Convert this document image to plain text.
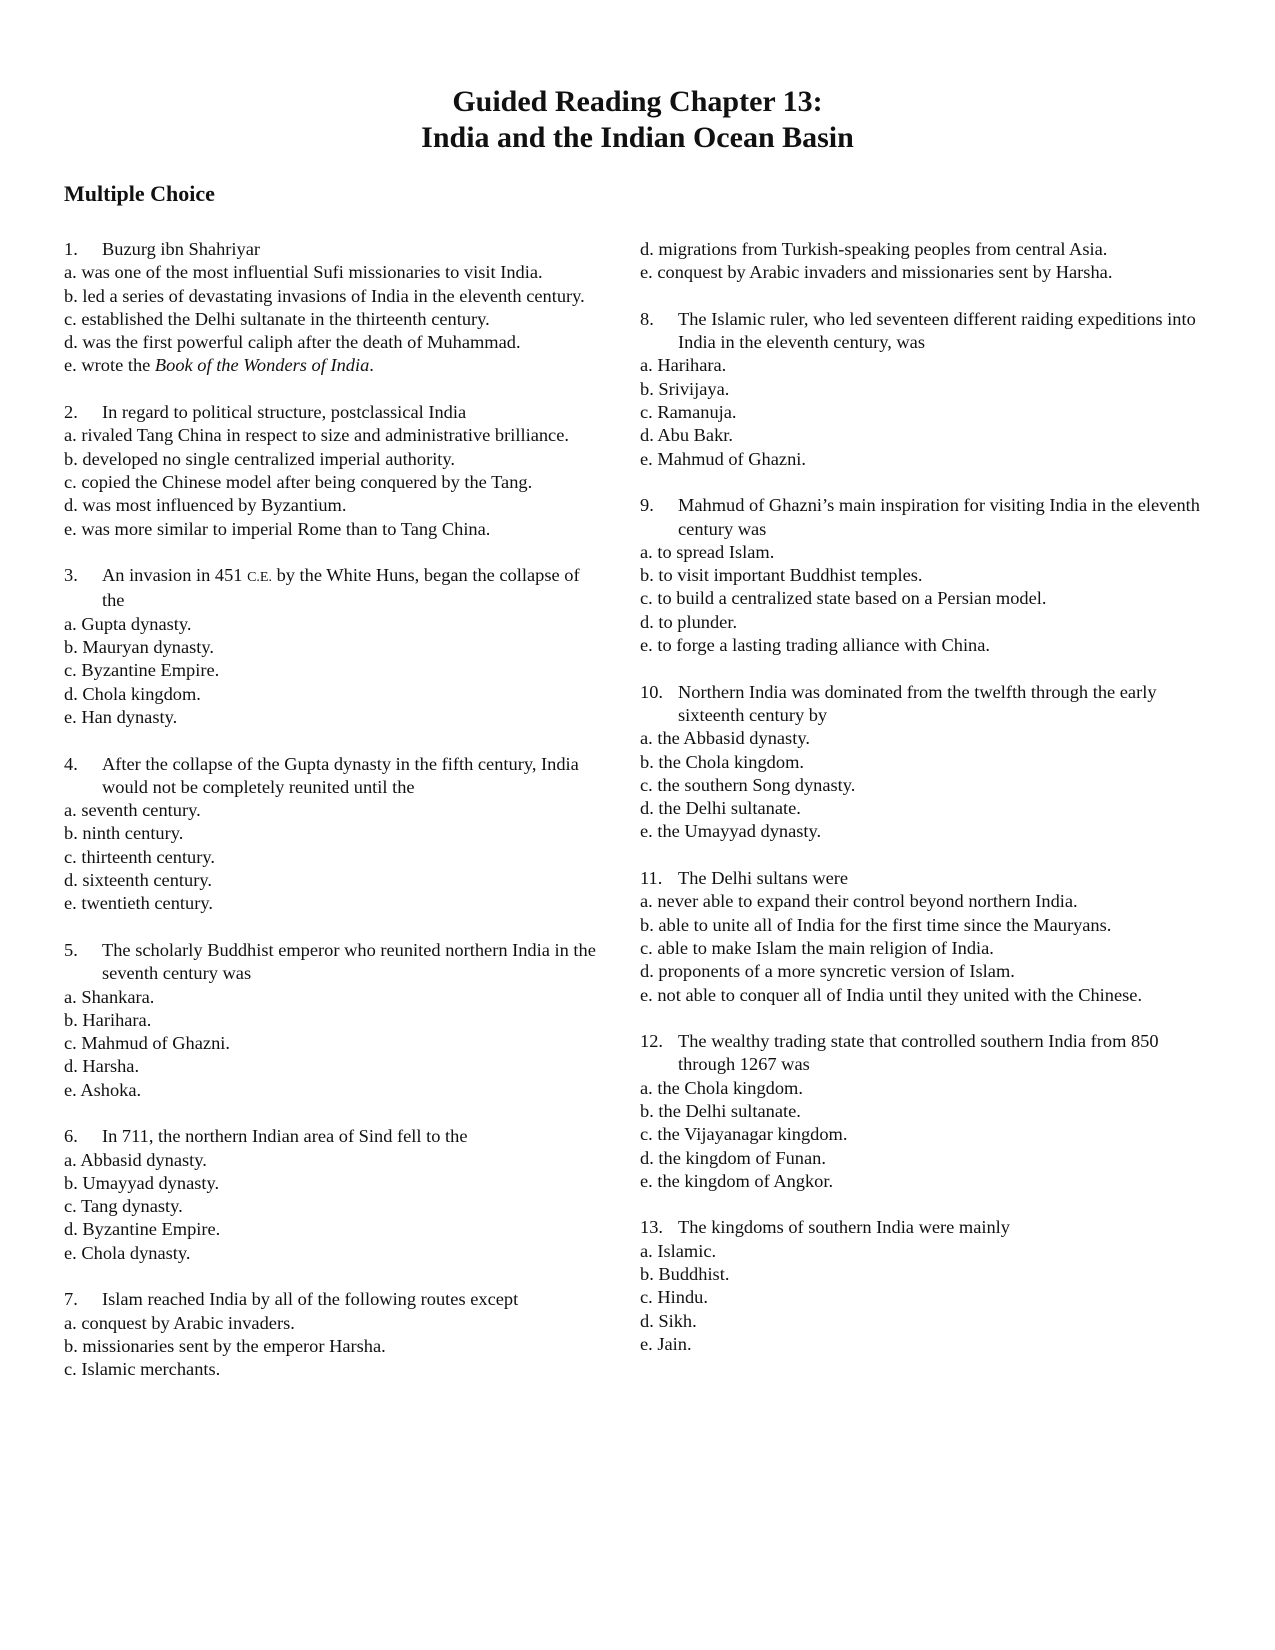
Guided Reading Chapter 13:
India and the Indian Ocean Basin
Multiple Choice
1. Buzurg ibn Shahriyar
a. was one of the most influential Sufi missionaries to visit India.
b. led a series of devastating invasions of India in the eleventh century.
c. established the Delhi sultanate in the thirteenth century.
d. was the first powerful caliph after the death of Muhammad.
e. wrote the Book of the Wonders of India.
2. In regard to political structure, postclassical India
a. rivaled Tang China in respect to size and administrative brilliance.
b. developed no single centralized imperial authority.
c. copied the Chinese model after being conquered by the Tang.
d. was most influenced by Byzantium.
e. was more similar to imperial Rome than to Tang China.
3. An invasion in 451 C.E. by the White Huns, began the collapse of the
a. Gupta dynasty.
b. Mauryan dynasty.
c. Byzantine Empire.
d. Chola kingdom.
e. Han dynasty.
4. After the collapse of the Gupta dynasty in the fifth century, India would not be completely reunited until the
a. seventh century.
b. ninth century.
c. thirteenth century.
d. sixteenth century.
e. twentieth century.
5. The scholarly Buddhist emperor who reunited northern India in the seventh century was
a. Shankara.
b. Harihara.
c. Mahmud of Ghazni.
d. Harsha.
e. Ashoka.
6. In 711, the northern Indian area of Sind fell to the
a. Abbasid dynasty.
b. Umayyad dynasty.
c. Tang dynasty.
d. Byzantine Empire.
e. Chola dynasty.
7. Islam reached India by all of the following routes except
a. conquest by Arabic invaders.
b. missionaries sent by the emperor Harsha.
c. Islamic merchants.
d. migrations from Turkish-speaking peoples from central Asia.
e. conquest by Arabic invaders and missionaries sent by Harsha.
8. The Islamic ruler, who led seventeen different raiding expeditions into India in the eleventh century, was
a. Harihara.
b. Srivijaya.
c. Ramanuja.
d. Abu Bakr.
e. Mahmud of Ghazni.
9. Mahmud of Ghazni’s main inspiration for visiting India in the eleventh century was
a. to spread Islam.
b. to visit important Buddhist temples.
c. to build a centralized state based on a Persian model.
d. to plunder.
e. to forge a lasting trading alliance with China.
10. Northern India was dominated from the twelfth through the early sixteenth century by
a. the Abbasid dynasty.
b. the Chola kingdom.
c. the southern Song dynasty.
d. the Delhi sultanate.
e. the Umayyad dynasty.
11. The Delhi sultans were
a. never able to expand their control beyond northern India.
b. able to unite all of India for the first time since the Mauryans.
c. able to make Islam the main religion of India.
d. proponents of a more syncretic version of Islam.
e. not able to conquer all of India until they united with the Chinese.
12. The wealthy trading state that controlled southern India from 850 through 1267 was
a. the Chola kingdom.
b. the Delhi sultanate.
c. the Vijayanagar kingdom.
d. the kingdom of Funan.
e. the kingdom of Angkor.
13. The kingdoms of southern India were mainly
a. Islamic.
b. Buddhist.
c. Hindu.
d. Sikh.
e. Jain.
